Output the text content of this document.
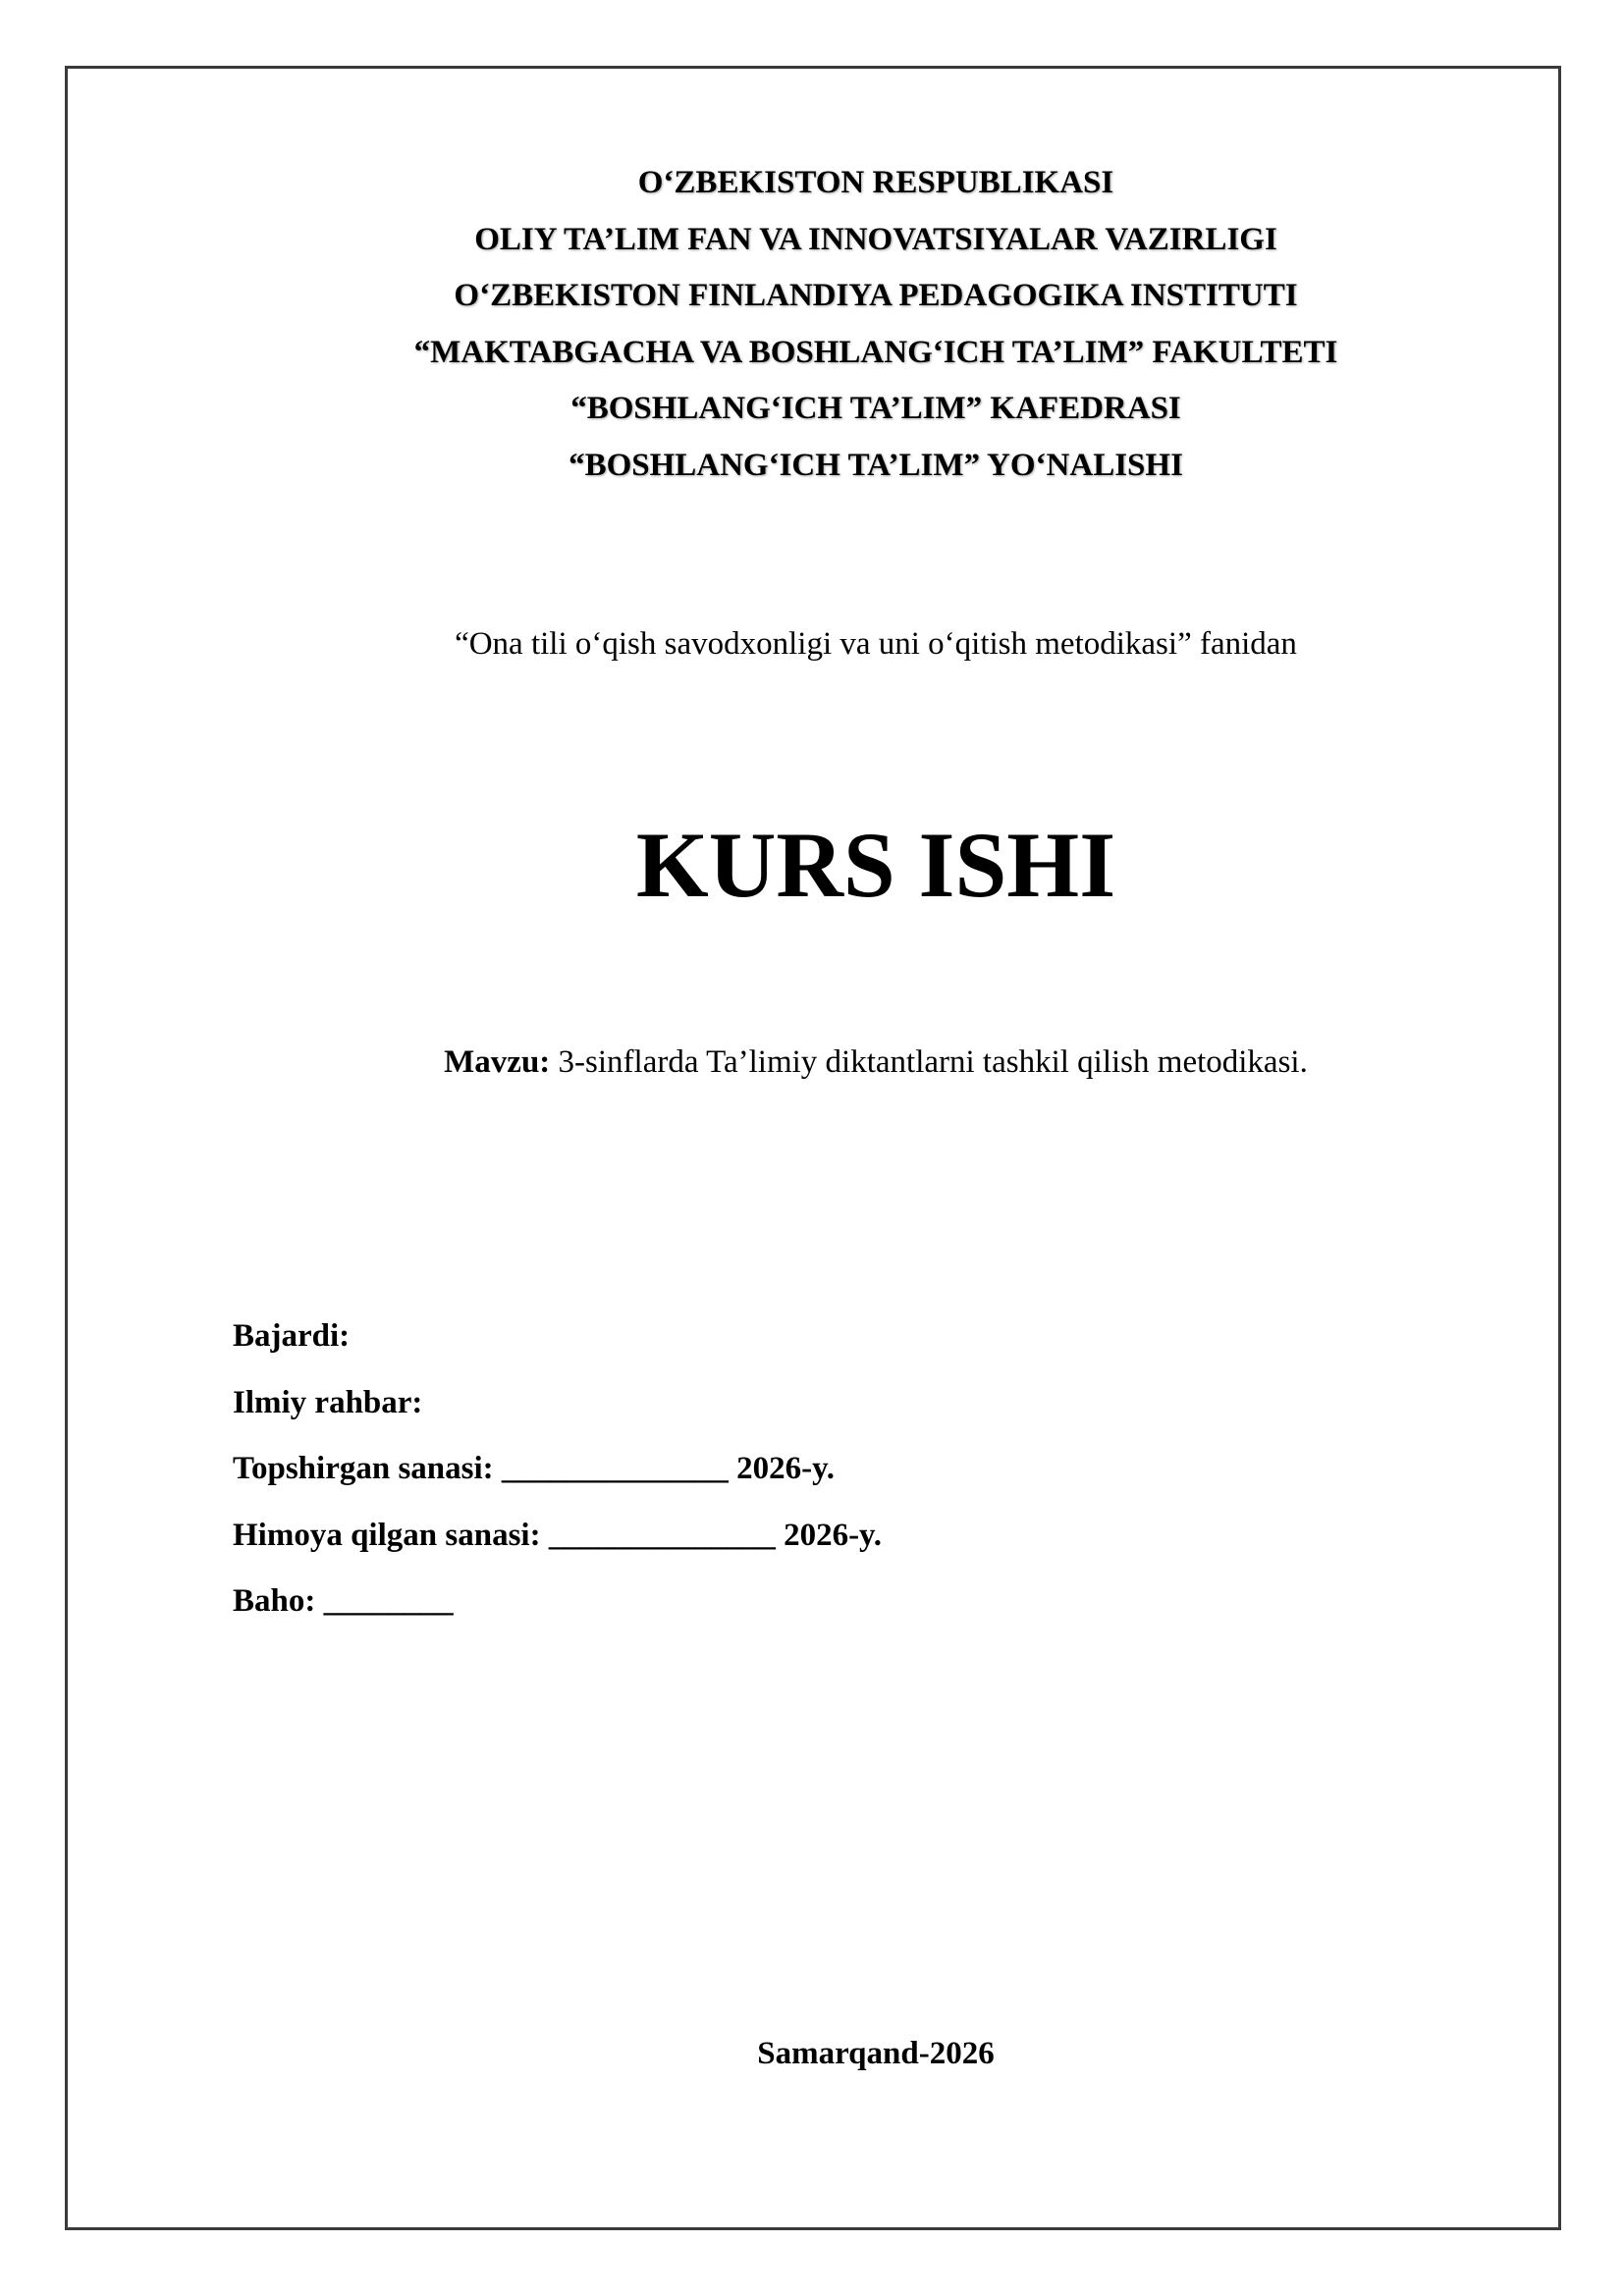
O‘ZBEKISTON RESPUBLIKASI
OLIY TA’LIM FAN VA INNOVATSIYALAR VAZIRLIGI
O‘ZBEKISTON FINLANDIYA PEDAGOGIKA INSTITUTI
“MAKTABGACHA VA BOSHLANG‘ICH TA’LIM” FAKULTETI
“BOSHLANG‘ICH TA’LIM” KAFEDRASI
“BOSHLANG‘ICH TA’LIM” YO‘NALISHI
“Ona tili o‘qish savodxonligi va uni o‘qitish metodikasi” fanidan
KURS ISHI
Mavzu: 3-sinflarda Ta’limiy diktantlarni tashkil qilish metodikasi.
Bajardi:
Ilmiy rahbar:
Topshirgan sanasi: ______________ 2026-y.
Himoya qilgan sanasi: ______________ 2026-y.
Baho: ________
Samarqand-2026
